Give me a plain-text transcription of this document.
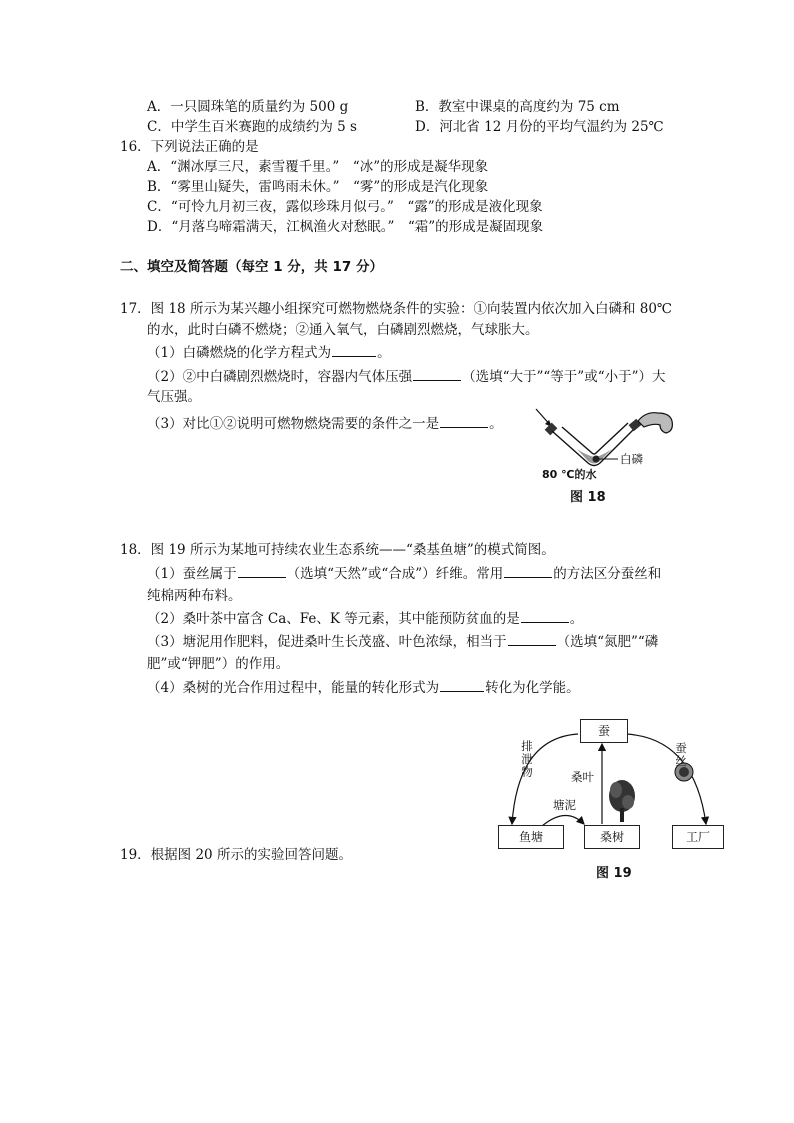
A．一只圆珠笔的质量约为 500 g	B．教室中课桌的高度约为 75 cm
C．中学生百米赛跑的成绩约为 5 s	D．河北省 12 月份的平均气温约为 25℃
16．下列说法正确的是
A．“渊冰厚三尺，素雪覆千里。”　“冰”的形成是凝华现象
B．“雾里山疑失，雷鸣雨未休。”　“雾”的形成是汽化现象
C．“可怜九月初三夜，露似珍珠月似弓。”　“露”的形成是液化现象
D．“月落乌啼霜满天，江枫渔火对愁眠。”　“霜”的形成是凝固现象
二、填空及简答题（每空 1 分，共 17 分）
17．图 18 所示为某兴趣小组探究可燃物燃烧条件的实验：①向装置内依次加入白磷和 80℃
的水，此时白磷不燃烧；②通入氧气，白磷剧烈燃烧，气球胀大。
（1）白磷燃烧的化学方程式为	。
（2）②中白磷剧烈燃烧时，容器内气体压强	（选填“大于”“等于”或“小于”）大
气压强。
（3）对比①②说明可燃物燃烧需要的条件之一是	。
白磷
80 ℃的水
图 18
18．图 19 所示为某地可持续农业生态系统——“桑基鱼塘”的模式简图。
（1）蚕丝属于	（选填“天然”或“合成”）纤维。常用	的方法区分蚕丝和
纯棉两种布料。
（2）桑叶茶中富含 Ca、Fe、K 等元素，其中能预防贫血的是	。
（3）塘泥用作肥料，促进桑叶生长茂盛、叶色浓绿，相当于	（选填“氮肥”“磷
肥”或“钾肥”）的作用。
（4）桑树的光合作用过程中，能量的转化形式为	转化为化学能。
蚕
鱼塘	桑树	工厂
排泄物	桑叶
塘泥
蚕丝
图 19
19．根据图 20 所示的实验回答问题。
